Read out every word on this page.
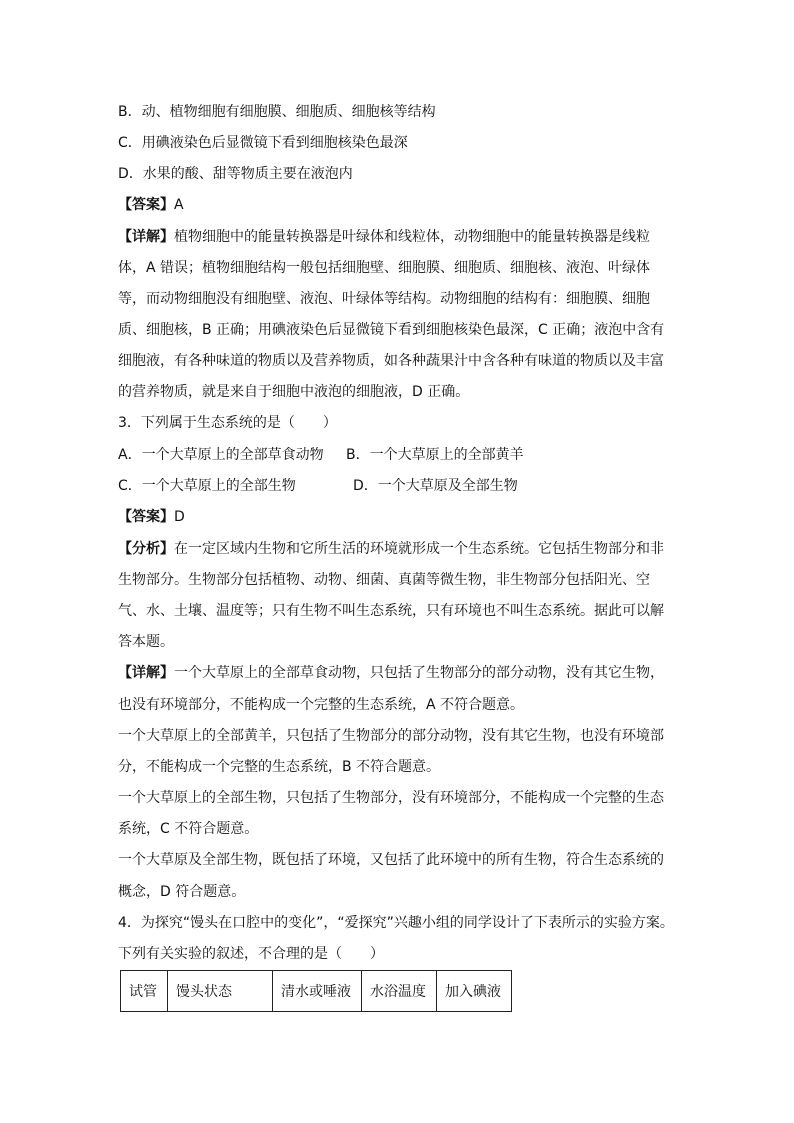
B．动、植物细胞有细胞膜、细胞质、细胞核等结构
C．用碘液染色后显微镜下看到细胞核染色最深
D．水果的酸、甜等物质主要在液泡内
【答案】A
【详解】植物细胞中的能量转换器是叶绿体和线粒体，动物细胞中的能量转换器是线粒
体，A 错误；植物细胞结构一般包括细胞壁、细胞膜、细胞质、细胞核、液泡、叶绿体
等，而动物细胞没有细胞壁、液泡、叶绿体等结构。动物细胞的结构有：细胞膜、细胞
质、细胞核，B 正确；用碘液染色后显微镜下看到细胞核染色最深，C 正确；液泡中含有
细胞液，有各种味道的物质以及营养物质，如各种蔬果汁中含各种有味道的物质以及丰富
的营养物质，就是来自于细胞中液泡的细胞液，D 正确。
3．下列属于生态系统的是（　　）
A．一个大草原上的全部草食动物 B．一个大草原上的全部黄羊
C．一个大草原上的全部生物	D．一个大草原及全部生物
【答案】D
【分析】在一定区域内生物和它所生活的环境就形成一个生态系统。它包括生物部分和非
生物部分。生物部分包括植物、动物、细菌、真菌等微生物，非生物部分包括阳光、空
气、水、土壤、温度等；只有生物不叫生态系统，只有环境也不叫生态系统。据此可以解
答本题。
【详解】一个大草原上的全部草食动物，只包括了生物部分的部分动物，没有其它生物，
也没有环境部分，不能构成一个完整的生态系统，A 不符合题意。
一个大草原上的全部黄羊，只包括了生物部分的部分动物，没有其它生物，也没有环境部
分，不能构成一个完整的生态系统，B 不符合题意。
一个大草原上的全部生物，只包括了生物部分，没有环境部分，不能构成一个完整的生态
系统，C 不符合题意。
一个大草原及全部生物，既包括了环境，又包括了此环境中的所有生物，符合生态系统的
概念，D 符合题意。
4．为探究“馒头在口腔中的变化”，“爱探究”兴趣小组的同学设计了下表所示的实验方案。
下列有关实验的叙述，不合理的是（　　）
试管	馒头状态	清水或唾液	水浴温度	加入碘液
